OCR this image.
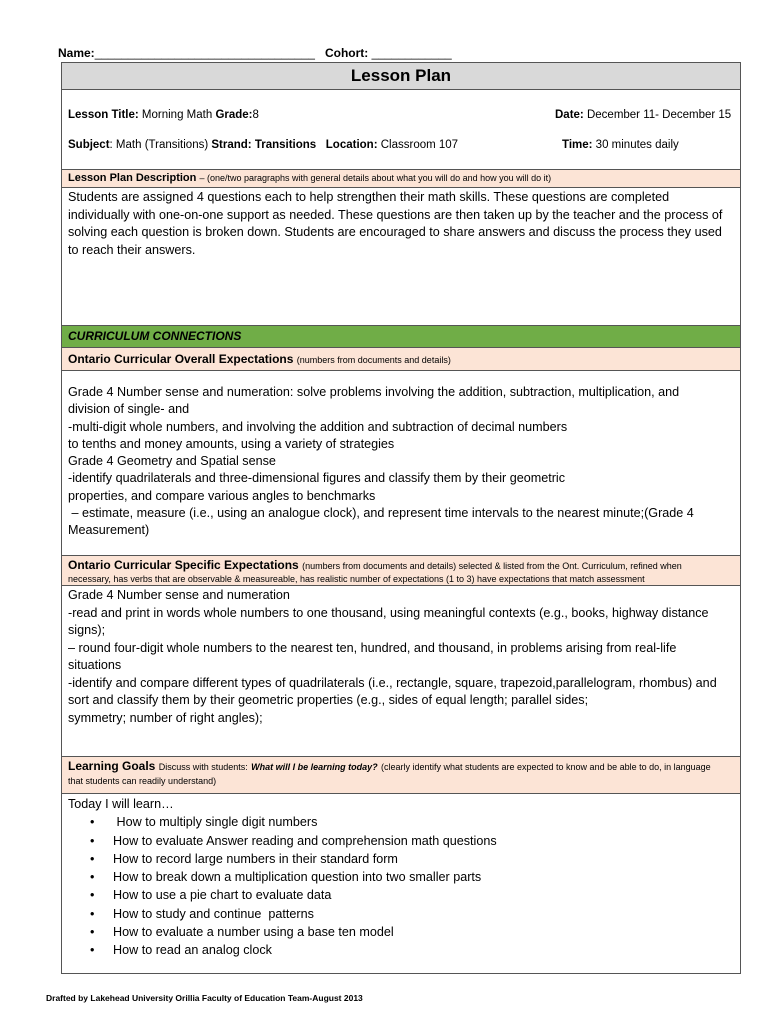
Name:_________________________________ Cohort: ____________
Lesson Plan
Lesson Title: Morning Math Grade:8	Date: December 11- December 15
Subject: Math (Transitions) Strand: Transitions Location: Classroom 107	Time: 30 minutes daily
Lesson Plan Description – (one/two paragraphs with general details about what you will do and how you will do it)
Students are assigned 4 questions each to help strengthen their math skills. These questions are completed
individually with one-on-one support as needed. These questions are then taken up by the teacher and the process of
solving each question is broken down. Students are encouraged to share answers and discuss the process they used
to reach their answers.
CURRICULUM CONNECTIONS
Ontario Curricular Overall Expectations (numbers from documents and details)
Grade 4 Number sense and numeration: solve problems involving the addition, subtraction, multiplication, and
division of single- and
-multi-digit whole numbers, and involving the addition and subtraction of decimal numbers
to tenths and money amounts, using a variety of strategies
Grade 4 Geometry and Spatial sense
-identify quadrilaterals and three-dimensional figures and classify them by their geometric
properties, and compare various angles to benchmarks
– estimate, measure (i.e., using an analogue clock), and represent time intervals to the nearest minute;(Grade 4
Measurement)
Ontario Curricular Specific Expectations (numbers from documents and details) selected & listed from the Ont. Curriculum, refined when
necessary, has verbs that are observable & measureable, has realistic number of expectations (1 to 3) have expectations that match assessment
Grade 4 Number sense and numeration
-read and print in words whole numbers to one thousand, using meaningful contexts (e.g., books, highway distance
signs);
– round four-digit whole numbers to the nearest ten, hundred, and thousand, in problems arising from real-life
situations
-identify and compare different types of quadrilaterals (i.e., rectangle, square, trapezoid,parallelogram, rhombus) and
sort and classify them by their geometric properties (e.g., sides of equal length; parallel sides;
symmetry; number of right angles);
Learning Goals Discuss with students: What will I be learning today? (clearly identify what students are expected to know and be able to do, in language
that students can readily understand)
Today I will learn…
• How to multiply single digit numbers
• How to evaluate Answer reading and comprehension math questions
• How to record large numbers in their standard form
• How to break down a multiplication question into two smaller parts
• How to use a pie chart to evaluate data
• How to study and continue  patterns
• How to evaluate a number using a base ten model
• How to read an analog clock
Drafted by Lakehead University Orillia Faculty of Education Team-August 2013
